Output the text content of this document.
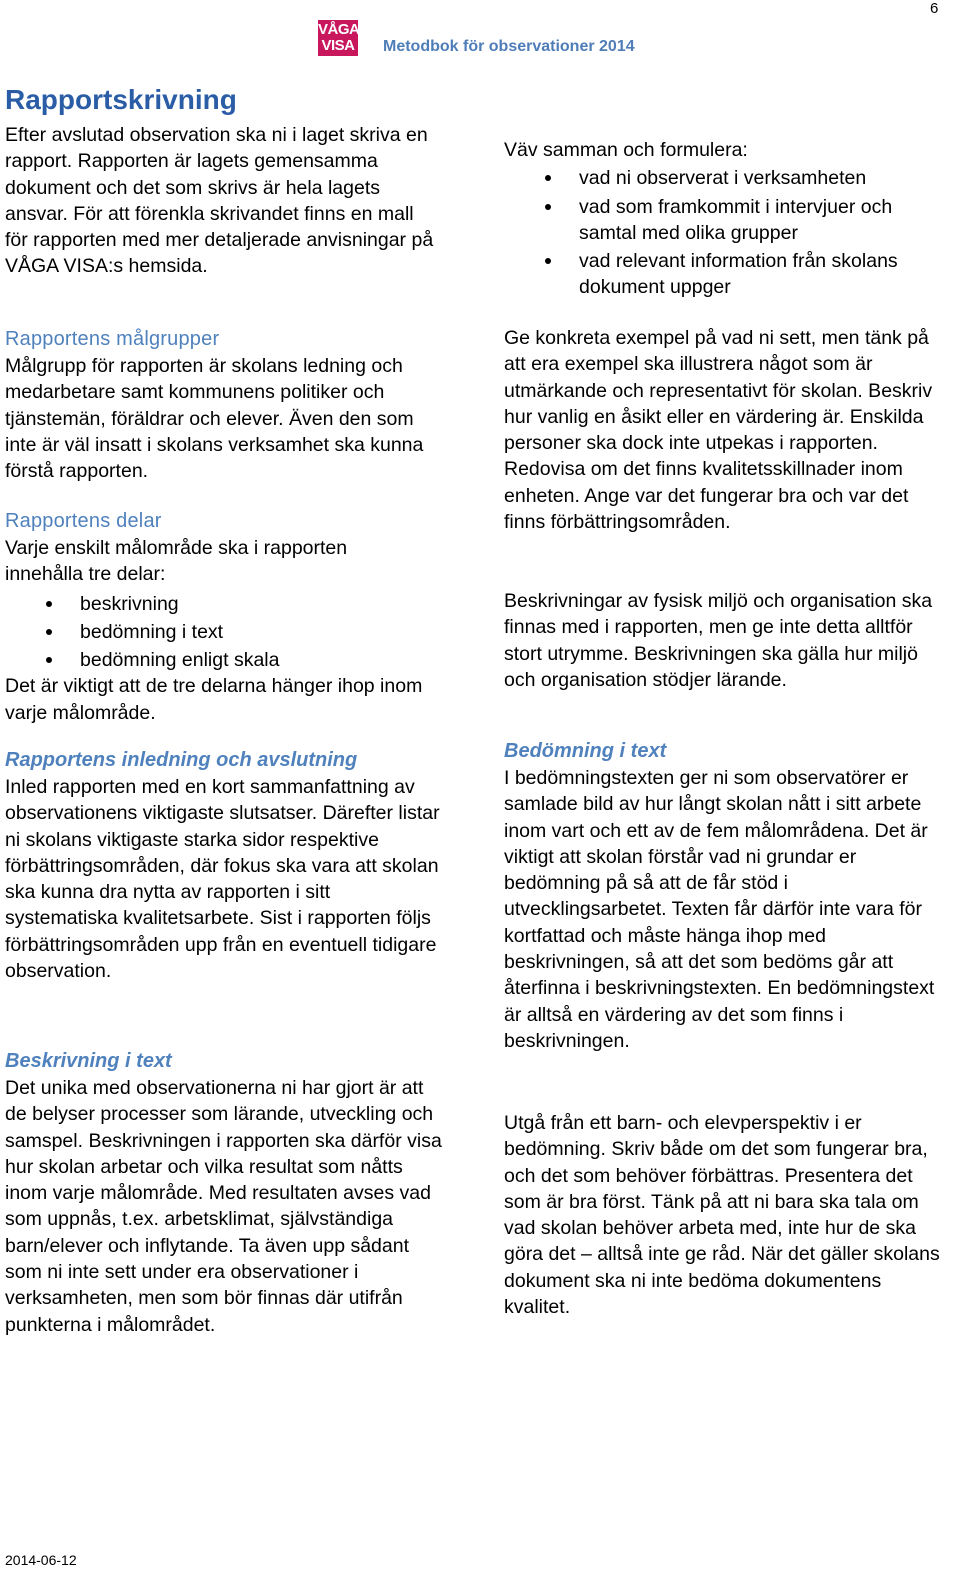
6
VÅGA
VISA Metodbok för observationer 2014
Rapportskrivning

Efter avslutad observation ska ni i laget skriva en rapport. Rapporten är lagets gemensamma dokument och det som skrivs är hela lagets ansvar. För att förenkla skrivandet finns en mall för rapporten med mer detaljerade anvisningar på VÅGA VISA:s hemsida.

Rapportens målgrupper

Målgrupp för rapporten är skolans ledning och medarbetare samt kommunens politiker och tjänstemän, föräldrar och elever. Även den som inte är väl insatt i skolans verksamhet ska kunna förstå rapporten.

Rapportens delar

Varje enskilt målområde ska i rapporten innehålla tre delar:

beskrivning
bedömning i text
bedömning enligt skala

Det är viktigt att de tre delarna hänger ihop inom varje målområde.

Rapportens inledning och avslutning

Inled rapporten med en kort sammanfattning av observationens viktigaste slutsatser. Därefter listar ni skolans viktigaste starka sidor respektive förbättringsområden, där fokus ska vara att skolan ska kunna dra nytta av rapporten i sitt systematiska kvalitetsarbete. Sist i rapporten följs förbättringsområden upp från en eventuell tidigare observation.

Beskrivning i text

Det unika med observationerna ni har gjort är att de belyser processer som lärande, utveckling och samspel. Beskrivningen i rapporten ska därför visa hur skolan arbetar och vilka resultat som nåtts inom varje målområde. Med resultaten avses vad som uppnås, t.ex. arbetsklimat, självständiga barn/elever och inflytande. Ta även upp sådant som ni inte sett under era observationer i verksamheten, men som bör finnas där utifrån punkterna i målområdet.

Väv samman och formulera:

vad ni observerat i verksamheten
vad som framkommit i intervjuer och samtal med olika grupper
vad relevant information från skolans dokument uppger

Ge konkreta exempel på vad ni sett, men tänk på att era exempel ska illustrera något som är utmärkande och representativt för skolan. Beskriv hur vanlig en åsikt eller en värdering är. Enskilda personer ska dock inte utpekas i rapporten. Redovisa om det finns kvalitetsskillnader inom enheten. Ange var det fungerar bra och var det finns förbättringsområden.

Beskrivningar av fysisk miljö och organisation ska finnas med i rapporten, men ge inte detta alltför stort utrymme. Beskrivningen ska gälla hur miljö och organisation stödjer lärande.

Bedömning i text

I bedömningstexten ger ni som observatörer er samlade bild av hur långt skolan nått i sitt arbete inom vart och ett av de fem målområdena. Det är viktigt att skolan förstår vad ni grundar er bedömning på så att de får stöd i utvecklingsarbetet. Texten får därför inte vara för kortfattad och måste hänga ihop med beskrivningen, så att det som bedöms går att återfinna i beskrivningstexten. En bedömningstext är alltså en värdering av det som finns i beskrivningen.

Utgå från ett barn- och elevperspektiv i er bedömning. Skriv både om det som fungerar bra, och det som behöver förbättras. Presentera det som är bra först. Tänk på att ni bara ska tala om vad skolan behöver arbeta med, inte hur de ska göra det – alltså inte ge råd. När det gäller skolans dokument ska ni inte bedöma dokumentens kvalitet.

2014-06-12
